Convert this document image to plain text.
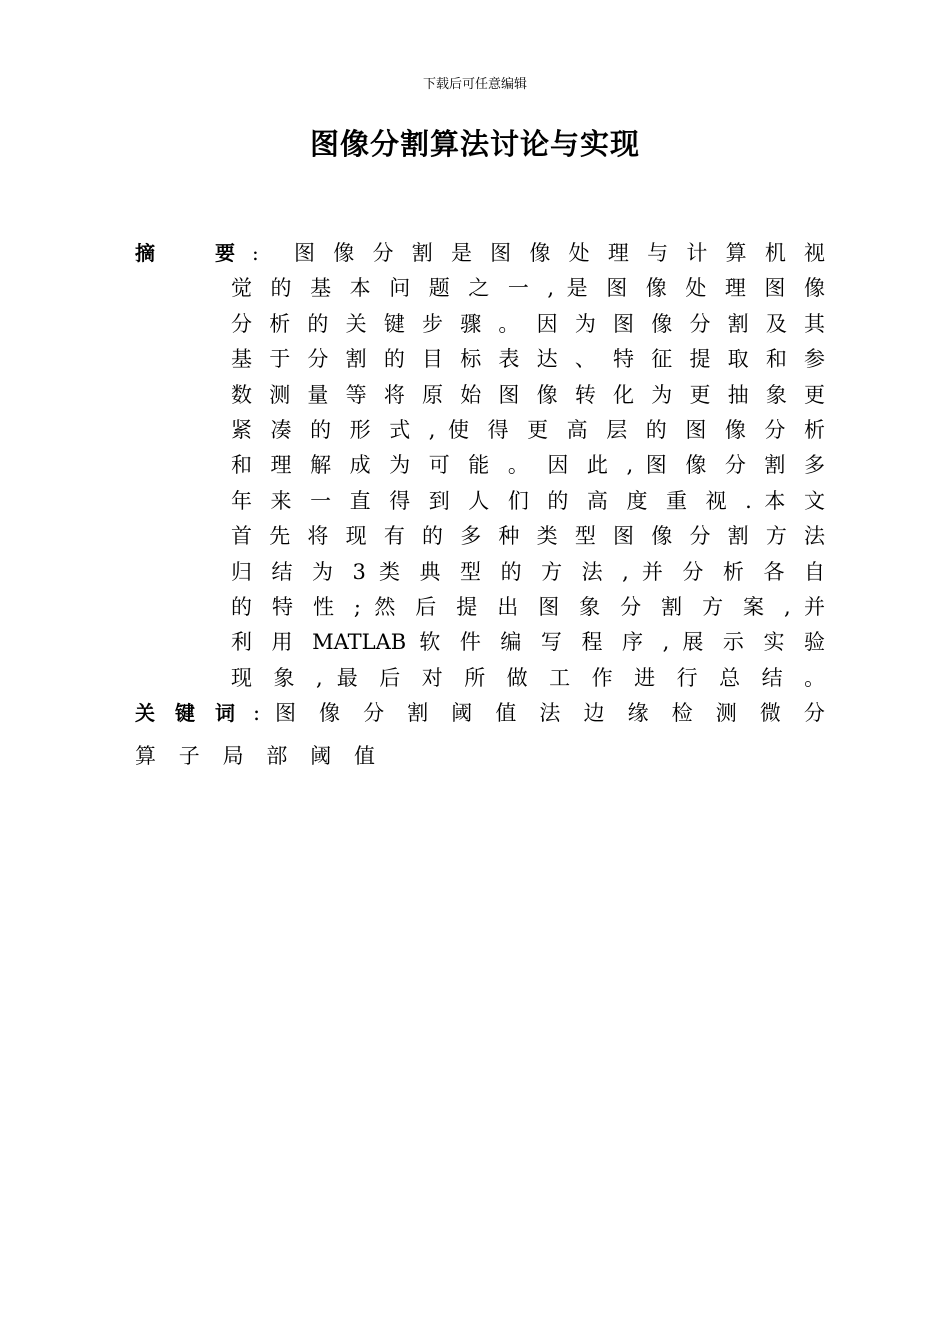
下载后可任意编辑
图像分割算法讨论与实现
摘 要 :	图 像 分 割 是 图 像 处 理 与 计 算 机 视
觉 的 基 本 问 题 之 一 , 是 图 像 处 理 图 像
分 析 的 关 键 步 骤 。 因 为 图 像 分 割 及 其
基 于 分 割 的 目 标 表 达 、 特 征 提 取 和 参
数 测 量 等 将 原 始 图 像 转 化 为 更 抽 象 更
紧 凑 的 形 式 , 使 得 更 高 层 的 图 像 分 析
和 理 解 成 为 可 能 。 因 此 , 图 像 分 割 多
年 来 一 直 得 到 人 们 的 高 度 重 视 . 本 文
首 先 将 现 有 的 多 种 类 型 图 像 分 割 方 法
归 结 为 3 类 典 型 的 方 法 , 并 分 析 各 自
的 特 性 ; 然 后 提 出 图 象 分 割 方 案 , 并
利 用 MATLAB 软 件 编 写 程 序 , 展 示 实 验
现 象 , 最 后 对 所 做 工 作 进 行 总 结 。
关 键 词 : 图 像 分 割 阈 值 法 边 缘 检 测 微 分
算 子 局 部 阈 值
